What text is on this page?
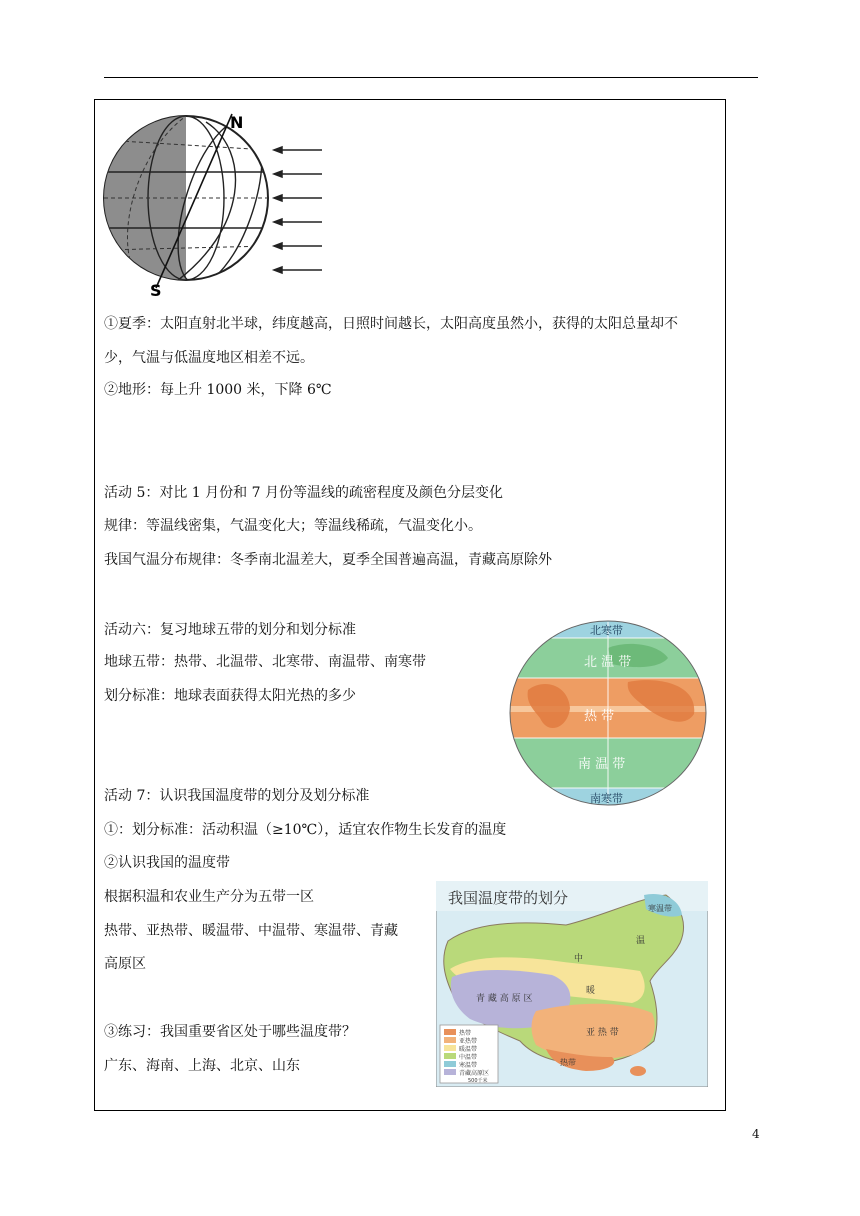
N
S
①夏季：太阳直射北半球，纬度越高，日照时间越长，太阳高度虽然小，获得的太阳总量却不
少，气温与低温度地区相差不远。
②地形：每上升 1000 米，下降 6℃
活动 5：对比 1 月份和 7 月份等温线的疏密程度及颜色分层变化
规律：等温线密集，气温变化大；等温线稀疏，气温变化小。
我国气温分布规律：冬季南北温差大，夏季全国普遍高温，青藏高原除外
活动六：复习地球五带的划分和划分标准
地球五带：热带、北温带、北寒带、南温带、南寒带
划分标准：地球表面获得太阳光热的多少
北寒带
北 温 带
热 带
南 温 带
南寒带
活动 7：认识我国温度带的划分及划分标准
①：划分标准：活动积温（≥10℃），适宜农作物生长发育的温度
②认识我国的温度带
根据积温和农业生产分为五带一区
热带、亚热带、暖温带、中温带、寒温带、青藏
高原区
③练习：我国重要省区处于哪些温度带？
广东、海南、上海、北京、山东
我国温度带的划分
寒温带
中
温
暖
青 藏 高 原 区
亚 热 带
热带
热带
亚热带
暖温带
中温带
寒温带
青藏高原区
500千米
4
